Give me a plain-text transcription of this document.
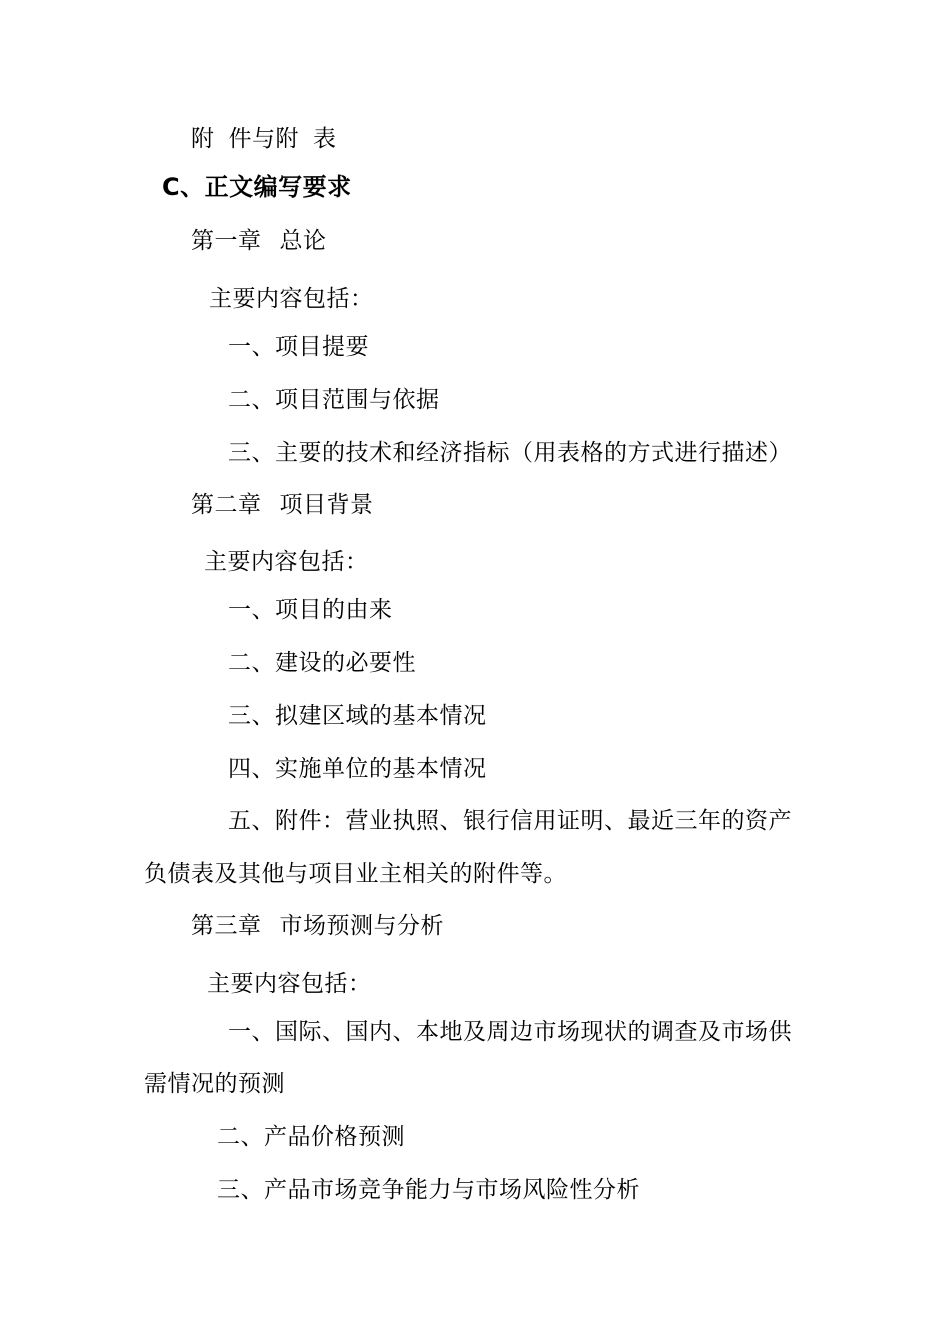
附 件与附 表
C、正文编写要求
第一章 总论
主要内容包括：
一、项目提要
二、项目范围与依据
三、主要的技术和经济指标（用表格的方式进行描述）
第二章 项目背景
主要内容包括：
一、项目的由来
二、建设的必要性
三、拟建区域的基本情况
四、实施单位的基本情况
五、附件：营业执照、银行信用证明、最近三年的资产
负债表及其他与项目业主相关的附件等。
第三章 市场预测与分析
主要内容包括：
一、国际、国内、本地及周边市场现状的调查及市场供
需情况的预测
二、产品价格预测
三、产品市场竞争能力与市场风险性分析
